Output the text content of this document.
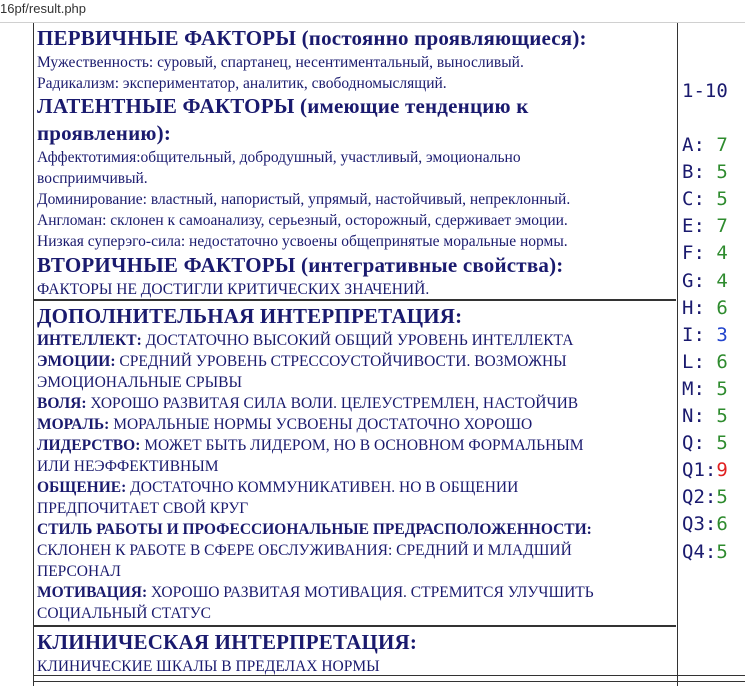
16pf/result.php
ПЕРВИЧНЫЕ ФАКТОРЫ (постоянно проявляющиеся):
Мужественность: суровый, спартанец, несентиментальный, выносливый.
Радикализм: экспериментатор, аналитик, свободномыслящий.
ЛАТЕНТНЫЕ ФАКТОРЫ (имеющие тенденцию к
проявлению):
Аффектотимия:общительный, добродушный, участливый, эмоционально
восприимчивый.
Доминирование: властный, напористый, упрямый, настойчивый, непреклонный.
Англоман: склонен к самоанализу, серьезный, осторожный, сдерживает эмоции.
Низкая суперэго-сила: недостаточно усвоены общепринятые моральные нормы.
ВТОРИЧНЫЕ ФАКТОРЫ (интегративные свойства):
ФАКТОРЫ НЕ ДОСТИГЛИ КРИТИЧЕСКИХ ЗНАЧЕНИЙ.
ДОПОЛНИТЕЛЬНАЯ ИНТЕРПРЕТАЦИЯ:
ИНТЕЛЛЕКТ: ДОСТАТОЧНО ВЫСОКИЙ ОБЩИЙ УРОВЕНЬ ИНТЕЛЛЕКТА
ЭМОЦИИ: СРЕДНИЙ УРОВЕНЬ СТРЕССОУСТОЙЧИВОСТИ. ВОЗМОЖНЫ
ЭМОЦИОНАЛЬНЫЕ СРЫВЫ
ВОЛЯ: ХОРОШО РАЗВИТАЯ СИЛА ВОЛИ. ЦЕЛЕУСТРЕМЛЕН, НАСТОЙЧИВ
МОРАЛЬ: МОРАЛЬНЫЕ НОРМЫ УСВОЕНЫ ДОСТАТОЧНО ХОРОШО
ЛИДЕРСТВО: МОЖЕТ БЫТЬ ЛИДЕРОМ, НО В ОСНОВНОМ ФОРМАЛЬНЫМ
ИЛИ НЕЭФФЕКТИВНЫМ
ОБЩЕНИЕ: ДОСТАТОЧНО КОММУНИКАТИВЕН. НО В ОБЩЕНИИ
ПРЕДПОЧИТАЕТ СВОЙ КРУГ
СТИЛЬ РАБОТЫ И ПРОФЕССИОНАЛЬНЫЕ ПРЕДРАСПОЛОЖЕННОСТИ:
СКЛОНЕН К РАБОТЕ В СФЕРЕ ОБСЛУЖИВАНИЯ: СРЕДНИЙ И МЛАДШИЙ
ПЕРСОНАЛ
МОТИВАЦИЯ: ХОРОШО РАЗВИТАЯ МОТИВАЦИЯ. СТРЕМИТСЯ УЛУЧШИТЬ
СОЦИАЛЬНЫЙ СТАТУС
КЛИНИЧЕСКАЯ ИНТЕРПРЕТАЦИЯ:
КЛИНИЧЕСКИЕ ШКАЛЫ В ПРЕДЕЛАХ НОРМЫ
1-10
A: 7
B: 5
C: 5
E: 7
F: 4
G: 4
H: 6
I: 3
L: 6
M: 5
N: 5
Q: 5
Q1:9
Q2:5
Q3:6
Q4:5
